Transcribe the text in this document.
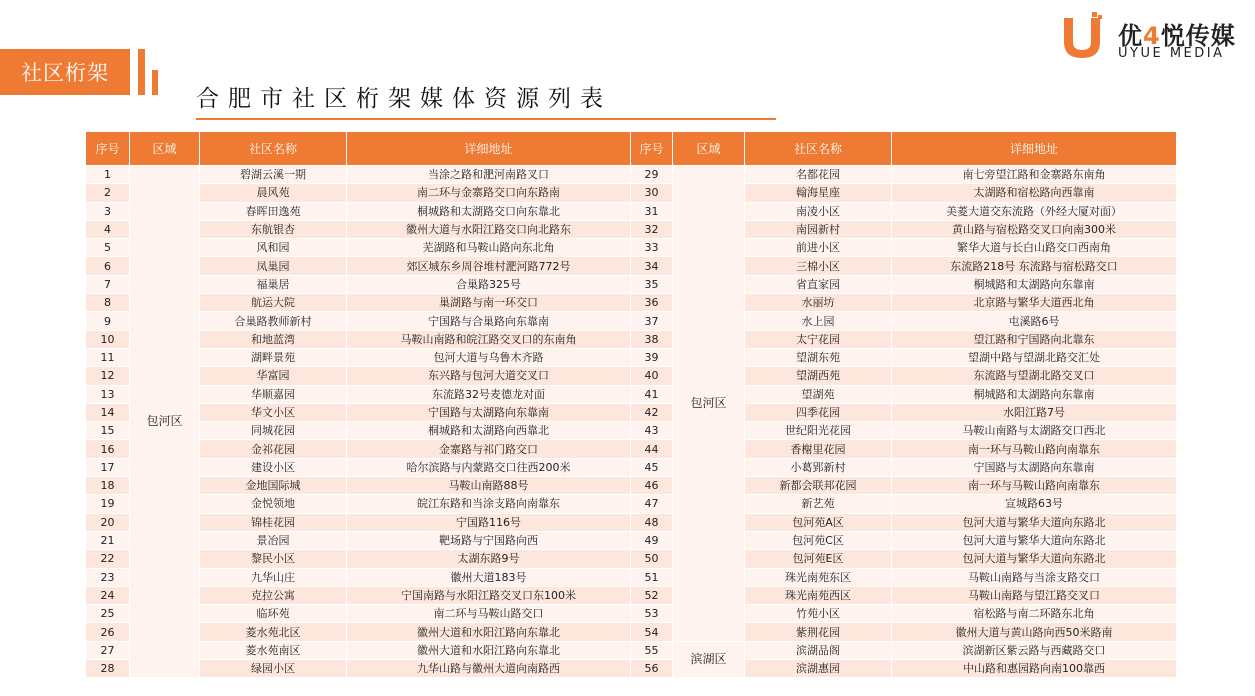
社区桁架
合肥市社区桁架媒体资源列表
优4悦传媒
UYUE MEDIA
序号	区域	社区名称	详细地址	序号	区域	社区名称	详细地址
1	包河区	碧湖云溪一期	当涂之路和淝河南路叉口	29	包河区	名都花园	南七旁望江路和金寨路东南角
2		晨风苑	南二环与金寨路交口向东路南	30		翰海星座	太湖路和宿松路向西靠南
3		春晖田逸苑	桐城路和太湖路交口向东靠北	31		南凌小区	美菱大道交东流路（外经大厦对面）
4		东航银杏	徽州大道与水阳江路交口向北路东	32		南园新村	黄山路与宿松路交叉口向南300米
5		风和园	芜湖路和马鞍山路向东北角	33		前进小区	繁华大道与长白山路交口西南角
6		凤巢园	郊区城东乡周谷堆村淝河路772号	34		三棉小区	东流路218号 东流路与宿松路交口
7		福巢居	合巢路325号	35		省直家园	桐城路和太湖路向东靠南
8		航运大院	巢湖路与南一环交口	36		水丽坊	北京路与繁华大道西北角
9		合巢路教师新村	宁国路与合巢路向东靠南	37		水上园	屯溪路6号
10		和地蓝湾	马鞍山南路和皖江路交叉口的东南角	38		太宁花园	望江路和宁国路向北靠东
11		湖畔景苑	包河大道与乌鲁木齐路	39		望湖东苑	望湖中路与望湖北路交汇处
12		华富园	东兴路与包河大道交叉口	40		望湖西苑	东流路与望湖北路交叉口
13		华顺嘉园	东流路32号麦德龙对面	41		望湖苑	桐城路和太湖路向东靠南
14		华文小区	宁国路与太湖路向东靠南	42		四季花园	水阳江路7号
15		同城花园	桐城路和太湖路向西靠北	43		世纪阳光花园	马鞍山南路与太湖路交口西北
16		金祁花园	金寨路与祁门路交口	44		香榭里花园	南一环与马鞍山路向南靠东
17		建设小区	哈尔滨路与内蒙路交口往西200米	45		小葛郢新村	宁国路与太湖路向东靠南
18		金地国际城	马鞍山南路88号	46		新都会联邦花园	南一环与马鞍山路向南靠东
19		金悦领地	皖江东路和当涂支路向南靠东	47		新艺苑	宣城路63号
20		锦桂花园	宁国路116号	48		包河苑A区	包河大道与繁华大道向东路北
21		景冶园	靶场路与宁国路向西	49		包河苑C区	包河大道与繁华大道向东路北
22		黎民小区	太湖东路9号	50		包河苑E区	包河大道与繁华大道向东路北
23		九华山庄	徽州大道183号	51		珠光南苑东区	马鞍山南路与当涂支路交口
24		克拉公寓	宁国南路与水阳江路交叉口东100米	52		珠光南苑西区	马鞍山南路与望江路交叉口
25		临环苑	南二环与马鞍山路交口	53		竹苑小区	宿松路与南二环路东北角
26		菱水苑北区	徽州大道和水阳江路向东靠北	54		紫荆花园	徽州大道与黄山路向西50米路南
27		菱水苑南区	徽州大道和水阳江路向东靠北	55	滨湖区	滨湖品阁	滨湖新区紫云路与西藏路交口
28		绿园小区	九华山路与徽州大道向南路西	56		滨湖惠园	中山路和惠园路向南100靠西
